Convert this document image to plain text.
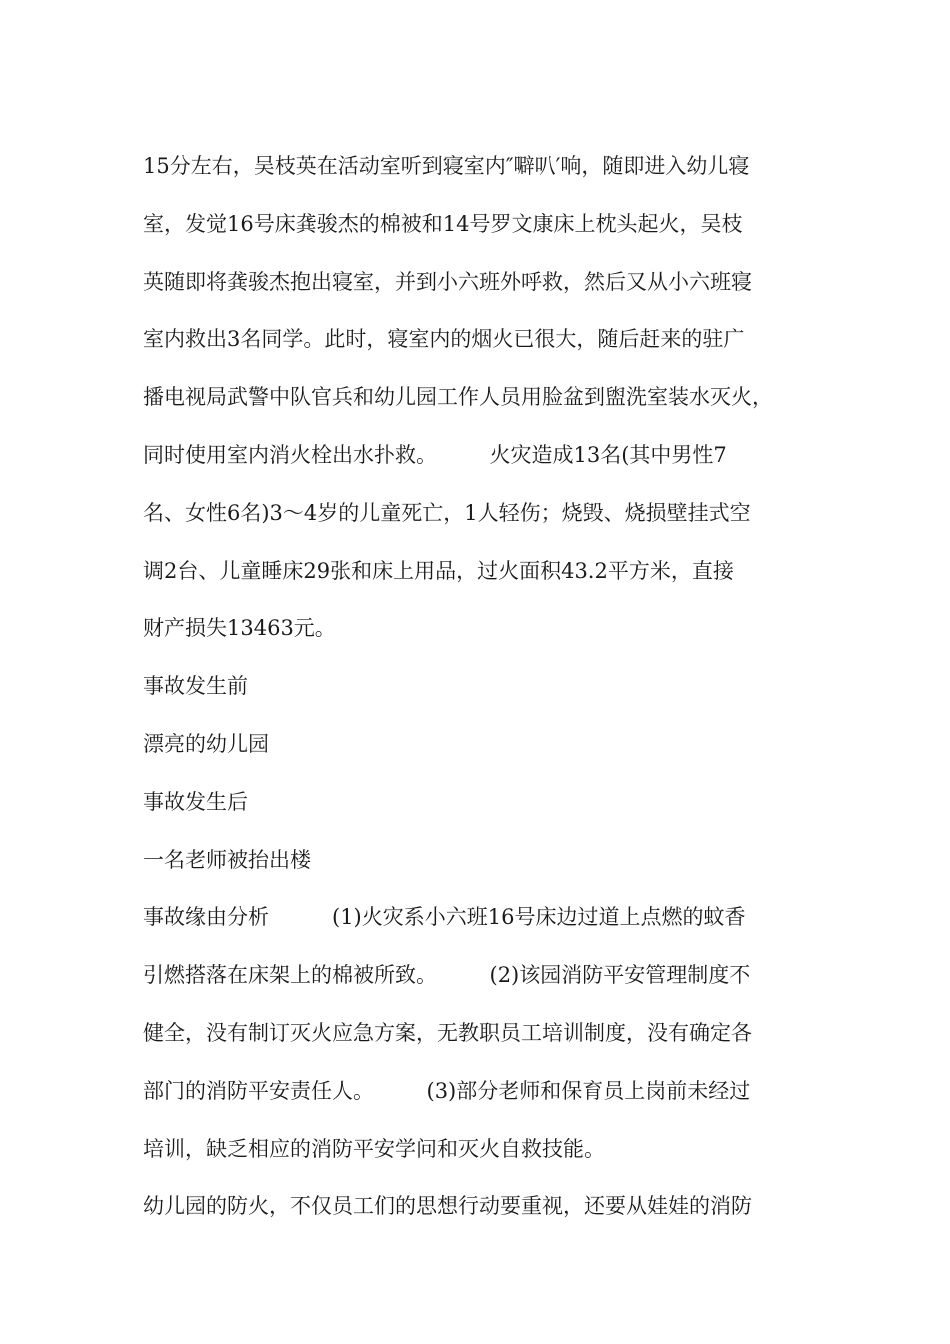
15分左右，吴枝英在活动室听到寝室内″噼叭′响，随即进入幼儿寝
室，发觉16号床龚骏杰的棉被和14号罗文康床上枕头起火，吴枝
英随即将龚骏杰抱出寝室，并到小六班外呼救，然后又从小六班寝
室内救出3名同学。此时，寝室内的烟火已很大，随后赶来的驻广
播电视局武警中队官兵和幼儿园工作人员用脸盆到盥洗室装水灭火，
同时使用室内消火栓出水扑救。　　　火灾造成13名(其中男性7
名、女性6名)3～4岁的儿童死亡，1人轻伤；烧毁、烧损壁挂式空
调2台、儿童睡床29张和床上用品，过火面积43.2平方米，直接
财产损失13463元。

事故发生前

漂亮的幼儿园

事故发生后

一名老师被抬出楼

事故缘由分析　　　(1)火灾系小六班16号床边过道上点燃的蚊香
引燃搭落在床架上的棉被所致。　　　(2)该园消防平安管理制度不
健全，没有制订灭火应急方案，无教职员工培训制度，没有确定各
部门的消防平安责任人。　　　(3)部分老师和保育员上岗前未经过
培训，缺乏相应的消防平安学问和灭火自救技能。

幼儿园的防火，不仅员工们的思想行动要重视，还要从娃娃的消防
